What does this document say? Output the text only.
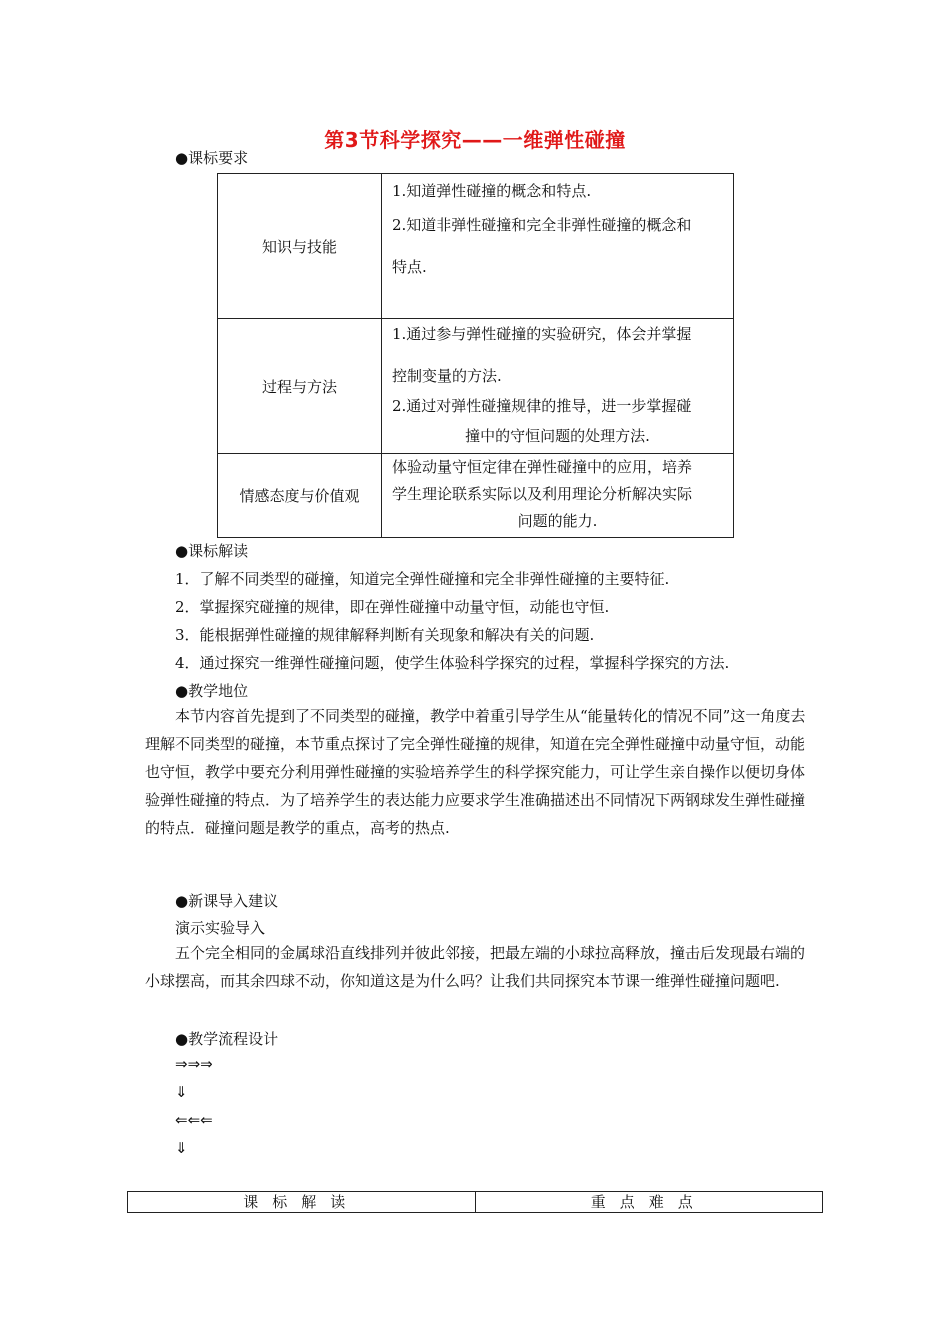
第3节科学探究——一维弹性碰撞
●课标要求
知识与技能	1.知道弹性碰撞的概念和特点.

2.知道非弹性碰撞和完全非弹性碰撞的概念和

特点.

过程与方法	1.通过参与弹性碰撞的实验研究，体会并掌握

控制变量的方法.

2.通过对弹性碰撞规律的推导，进一步掌握碰

撞中的守恒问题的处理方法.

情感态度与价值观	体验动量守恒定律在弹性碰撞中的应用，培养

学生理论联系实际以及利用理论分析解决实际

问题的能力.

●课标解读
1．了解不同类型的碰撞，知道完全弹性碰撞和完全非弹性碰撞的主要特征.
2．掌握探究碰撞的规律，即在弹性碰撞中动量守恒，动能也守恒.
3．能根据弹性碰撞的规律解释判断有关现象和解决有关的问题.
4．通过探究一维弹性碰撞问题，使学生体验科学探究的过程，掌握科学探究的方法.
●教学地位
本节内容首先提到了不同类型的碰撞，教学中着重引导学生从“能量转化的情况不同”这一角度去理解不同类型的碰撞，本节重点探讨了完全弹性碰撞的规律，知道在完全弹性碰撞中动量守恒，动能也守恒，教学中要充分利用弹性碰撞的实验培养学生的科学探究能力，可让学生亲自操作以便切身体验弹性碰撞的特点．为了培养学生的表达能力应要求学生准确描述出不同情况下两钢球发生弹性碰撞的特点．碰撞问题是教学的重点，高考的热点.
●新课导入建议
演示实验导入
五个完全相同的金属球沿直线排列并彼此邻接，把最左端的小球拉高释放，撞击后发现最右端的小球摆高，而其余四球不动，你知道这是为什么吗？让我们共同探究本节课一维弹性碰撞问题吧.
●教学流程设计
⇒⇒⇒
⇓
⇐⇐⇐
⇓
课标解读	重点难点
